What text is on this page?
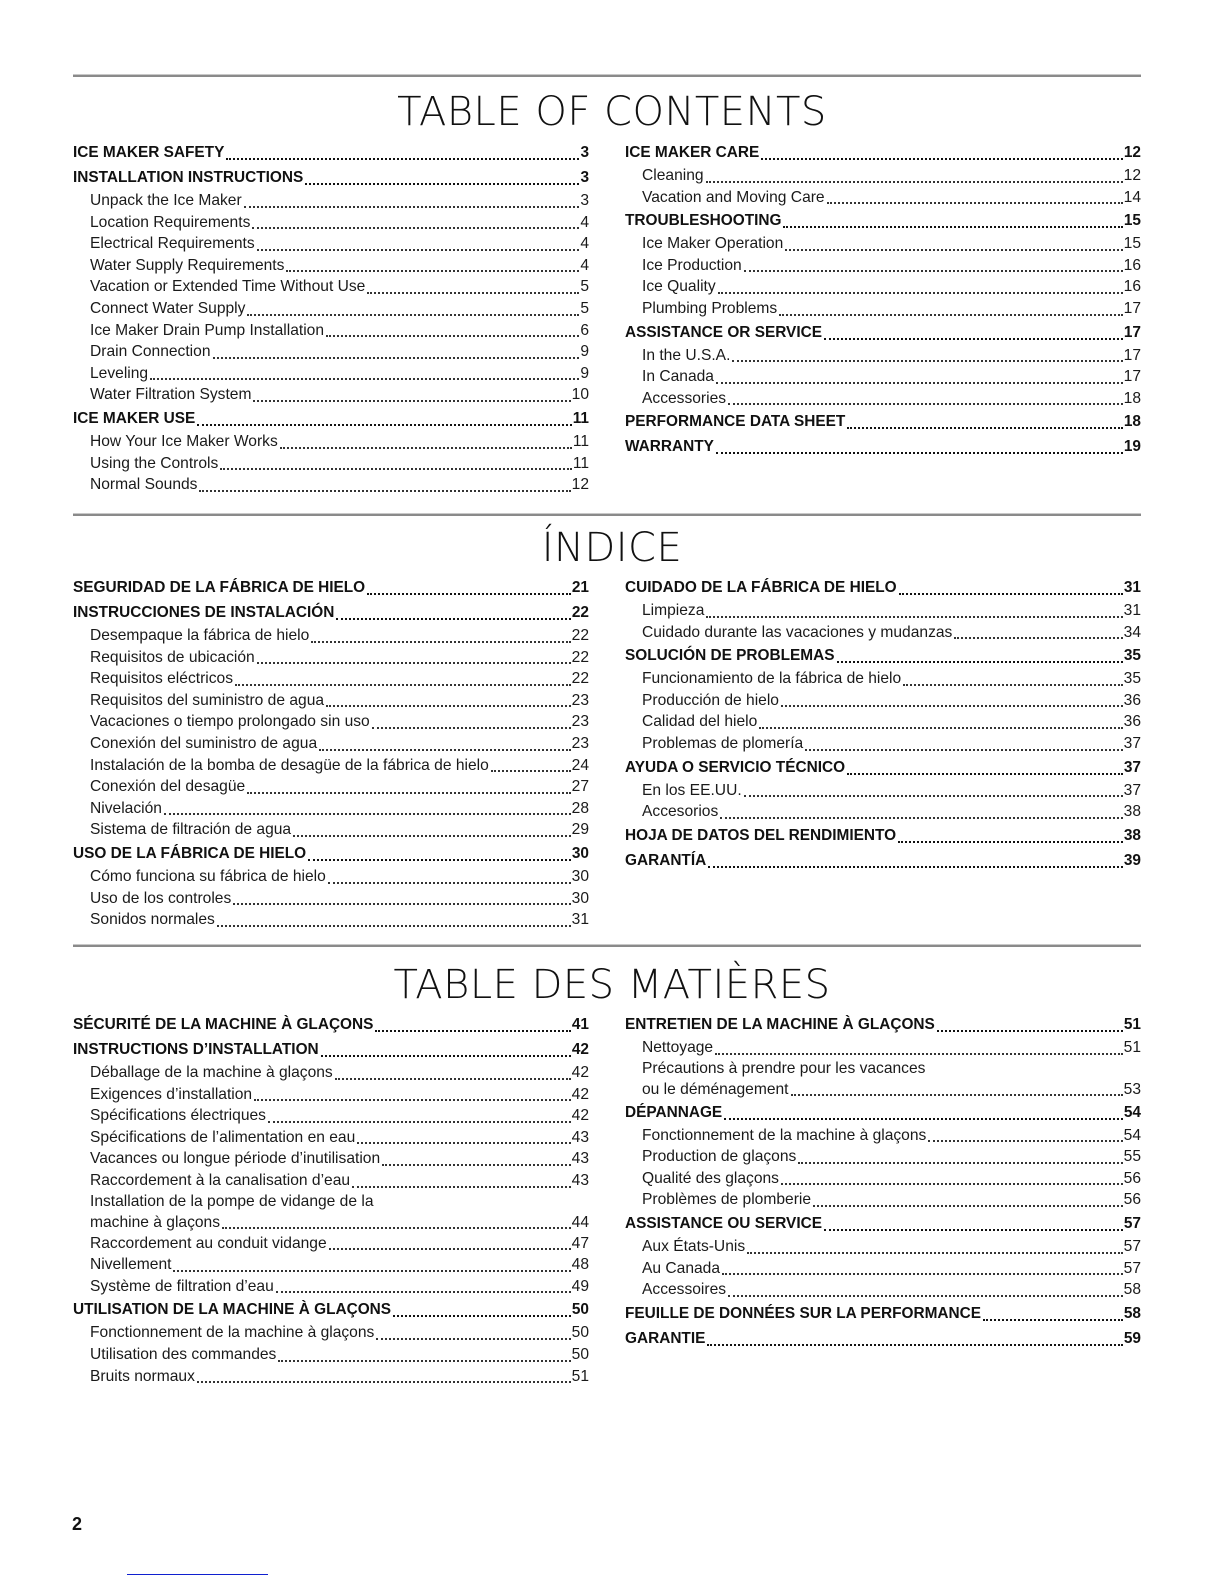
TABLE OF CONTENTS
ICE MAKER SAFETY	3
INSTALLATION INSTRUCTIONS	3
Unpack the Ice Maker	3
Location Requirements	4
Electrical Requirements	4
Water Supply Requirements	4
Vacation or Extended Time Without Use	5
Connect Water Supply	5
Ice Maker Drain Pump Installation	6
Drain Connection	9
Leveling	9
Water Filtration System	10
ICE MAKER USE	11
How Your Ice Maker Works	11
Using the Controls	11
Normal Sounds	12
ICE MAKER CARE	12
Cleaning	12
Vacation and Moving Care	14
TROUBLESHOOTING	15
Ice Maker Operation	15
Ice Production	16
Ice Quality	16
Plumbing Problems	17
ASSISTANCE OR SERVICE	17
In the U.S.A.	17
In Canada	17
Accessories	18
PERFORMANCE DATA SHEET	18
WARRANTY	19
ÍNDICE
SEGURIDAD DE LA FÁBRICA DE HIELO	21
INSTRUCCIONES DE INSTALACIÓN	22
Desempaque la fábrica de hielo	22
Requisitos de ubicación	22
Requisitos eléctricos	22
Requisitos del suministro de agua	23
Vacaciones o tiempo prolongado sin uso	23
Conexión del suministro de agua	23
Instalación de la bomba de desagüe de la fábrica de hielo	24
Conexión del desagüe	27
Nivelación	28
Sistema de filtración de agua	29
USO DE LA FÁBRICA DE HIELO	30
Cómo funciona su fábrica de hielo	30
Uso de los controles	30
Sonidos normales	31
CUIDADO DE LA FÁBRICA DE HIELO	31
Limpieza	31
Cuidado durante las vacaciones y mudanzas	34
SOLUCIÓN DE PROBLEMAS	35
Funcionamiento de la fábrica de hielo	35
Producción de hielo	36
Calidad del hielo	36
Problemas de plomería	37
AYUDA O SERVICIO TÉCNICO	37
En los EE.UU.	37
Accesorios	38
HOJA DE DATOS DEL RENDIMIENTO	38
GARANTÍA	39
TABLE DES MATIÈRES
SÉCURITÉ DE LA MACHINE À GLAÇONS	41
INSTRUCTIONS D’INSTALLATION	42
Déballage de la machine à glaçons	42
Exigences d’installation	42
Spécifications électriques	42
Spécifications de l’alimentation en eau	43
Vacances ou longue période d’inutilisation	43
Raccordement à la canalisation d’eau	43
Installation de la pompe de vidange de la
machine à glaçons	44
Raccordement au conduit vidange	47
Nivellement	48
Système de filtration d’eau	49
UTILISATION DE LA MACHINE À GLAÇONS	50
Fonctionnement de la machine à glaçons	50
Utilisation des commandes	50
Bruits normaux	51
ENTRETIEN DE LA MACHINE À GLAÇONS	51
Nettoyage	51
Précautions à prendre pour les vacances
ou le déménagement	53
DÉPANNAGE	54
Fonctionnement de la machine à glaçons	54
Production de glaçons	55
Qualité des glaçons	56
Problèmes de plomberie	56
ASSISTANCE OU SERVICE	57
Aux États-Unis	57
Au Canada	57
Accessoires	58
FEUILLE DE DONNÉES SUR LA PERFORMANCE	58
GARANTIE	59
2
